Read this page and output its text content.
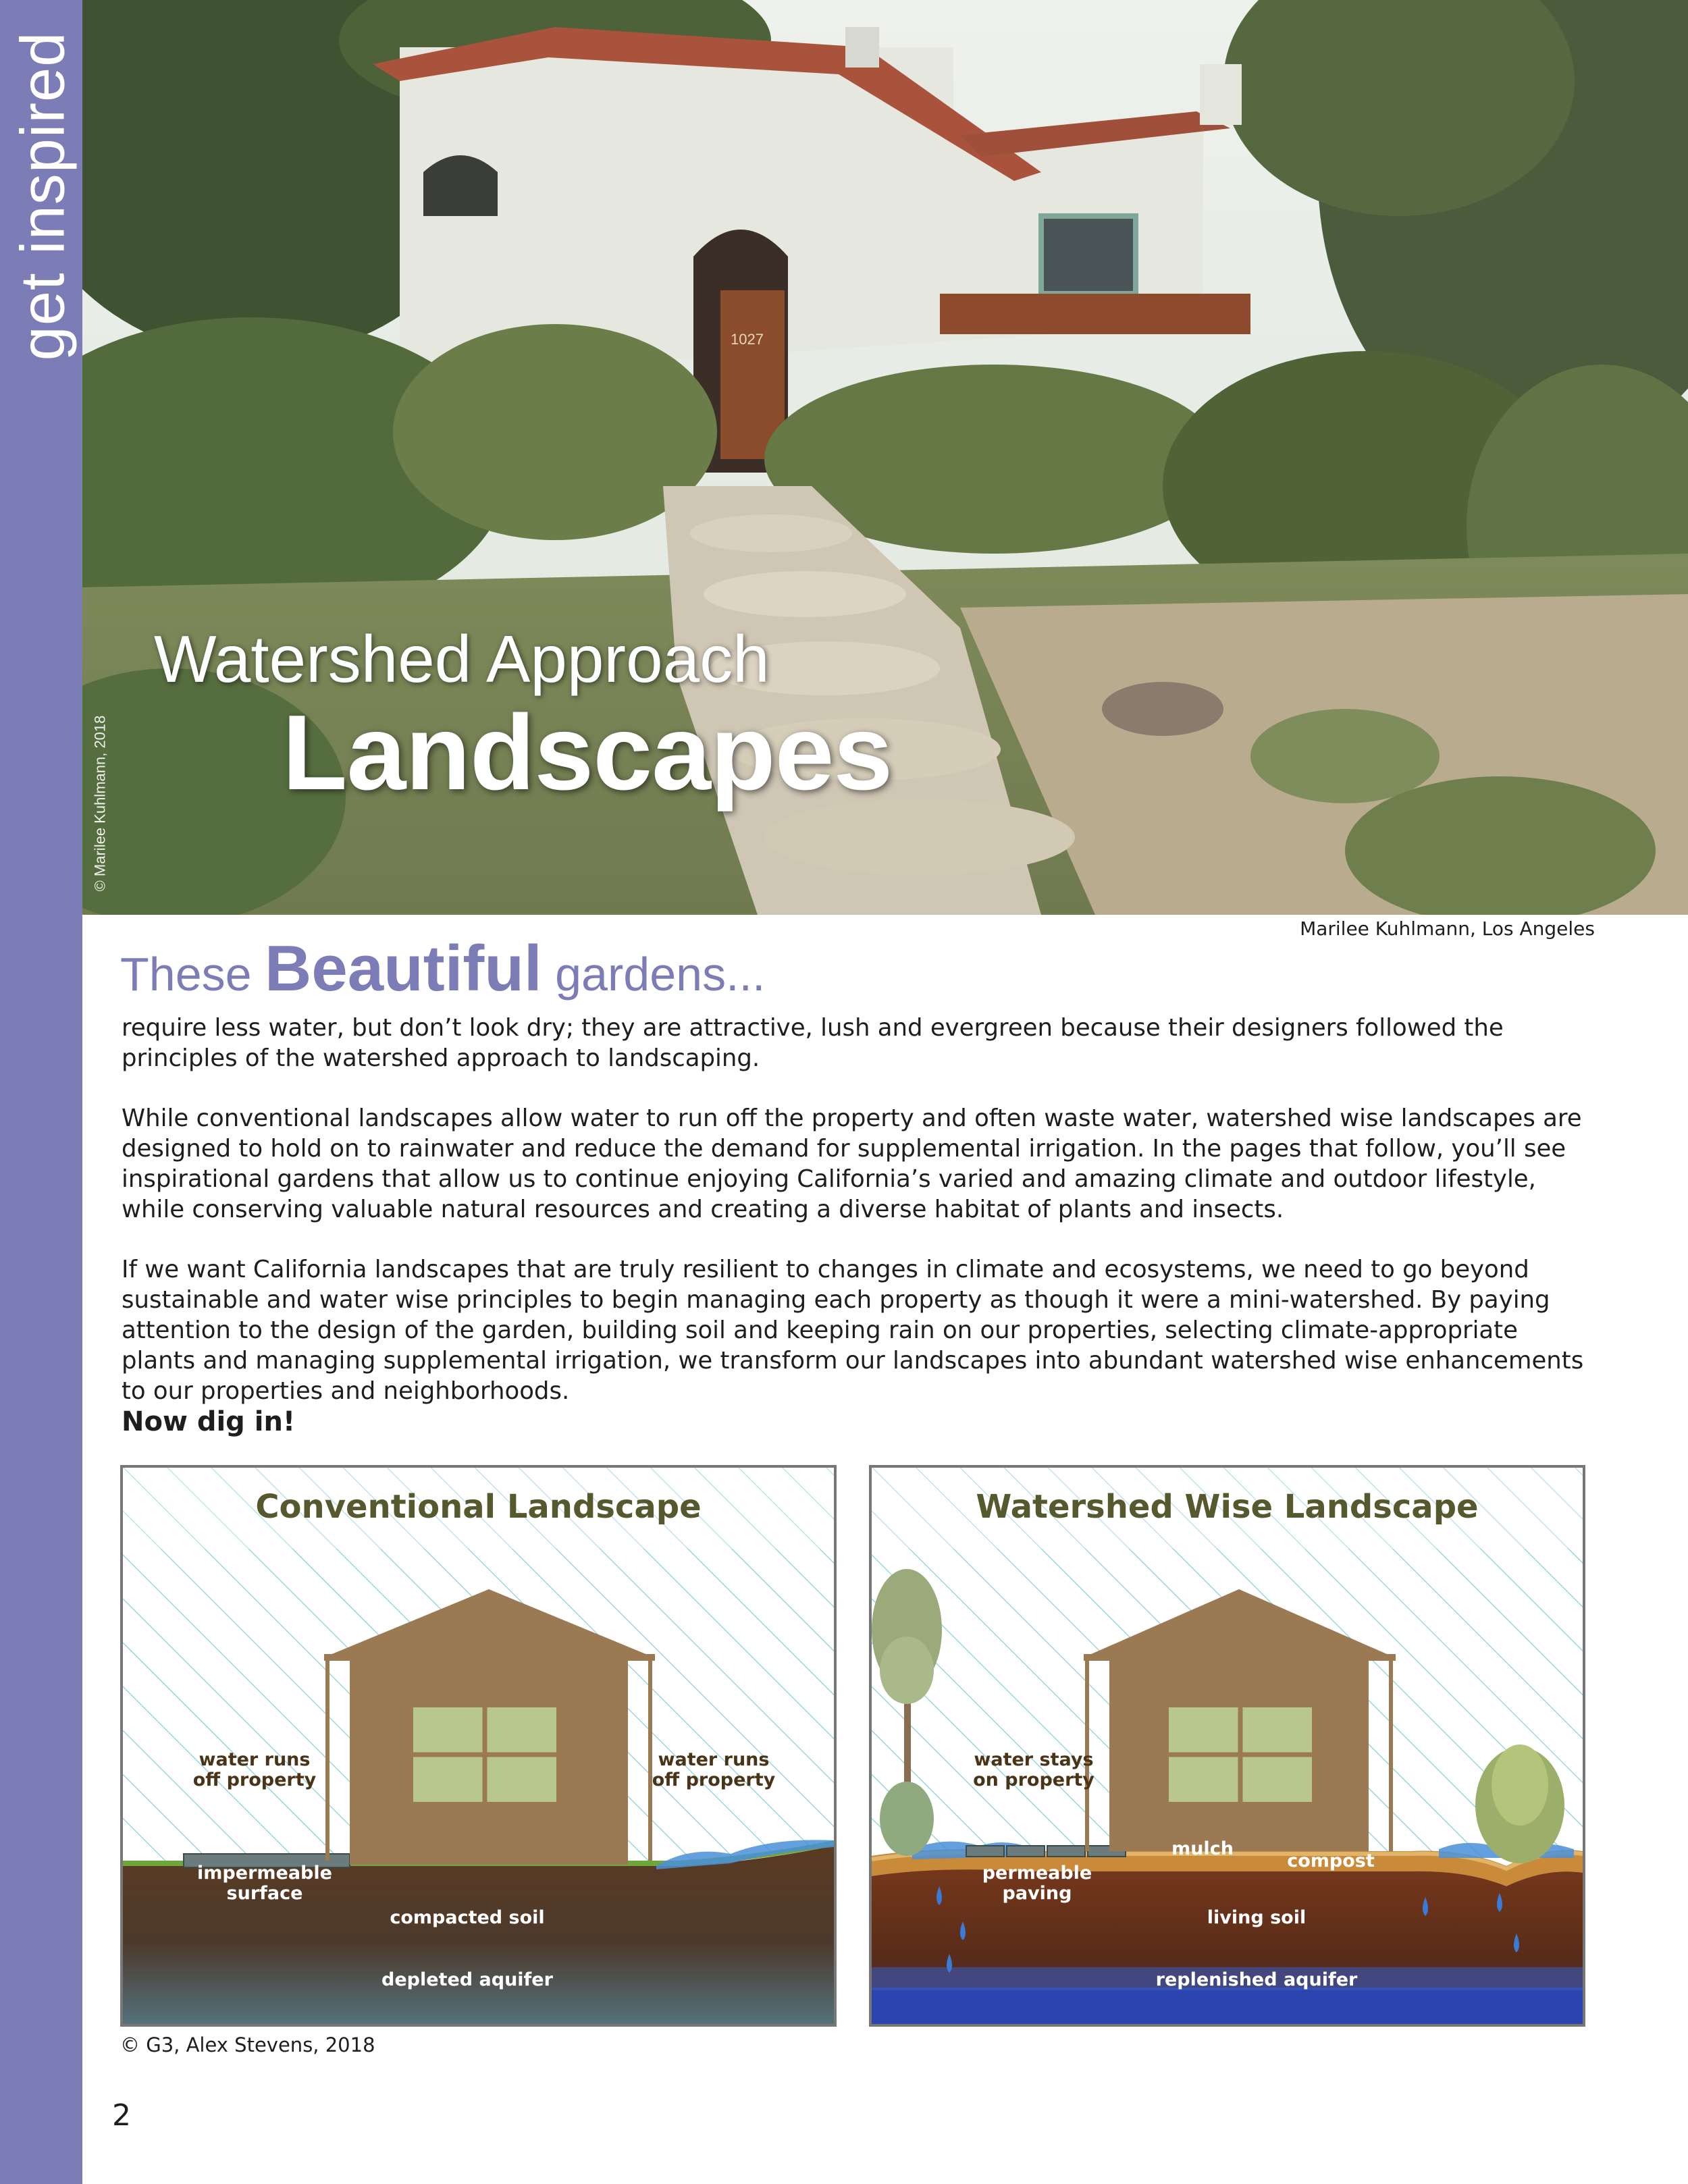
get inspired	1027
© Marilee Kuhlmann, 2018
Watershed Approach
Landscapes
Marilee Kuhlmann, Los Angeles
These Beautiful gardens...

require less water, but don’t look dry; they are attractive, lush and evergreen because their designers followed the principles of the watershed approach to landscaping.

While conventional landscapes allow water to run off the property and often waste water, watershed wise landscapes are designed to hold on to rainwater and reduce the demand for supplemental irrigation. In the pages that follow, you’ll see inspirational gardens that allow us to continue enjoying California’s varied and amazing climate and outdoor lifestyle, while conserving valuable natural resources and creating a diverse habitat of plants and insects.

If we want California landscapes that are truly resilient to changes in climate and ecosystems, we need to go beyond sustainable and water wise principles to begin managing each property as though it were a mini-watershed. By paying attention to the design of the garden, building soil and keeping rain on our properties, selecting climate-appropriate plants and managing supplemental irrigation, we transform our landscapes into abundant watershed wise enhancements to our properties and neighborhoods.

Now dig in!
Conventional Landscape
water runs off property
water runs off property
impermeable surface
compacted soil
depleted aquifer
Watershed Wise Landscape
water stays on property
mulch
compost
permeable paving
living soil
replenished aquifer
© G3, Alex Stevens, 2018
2
